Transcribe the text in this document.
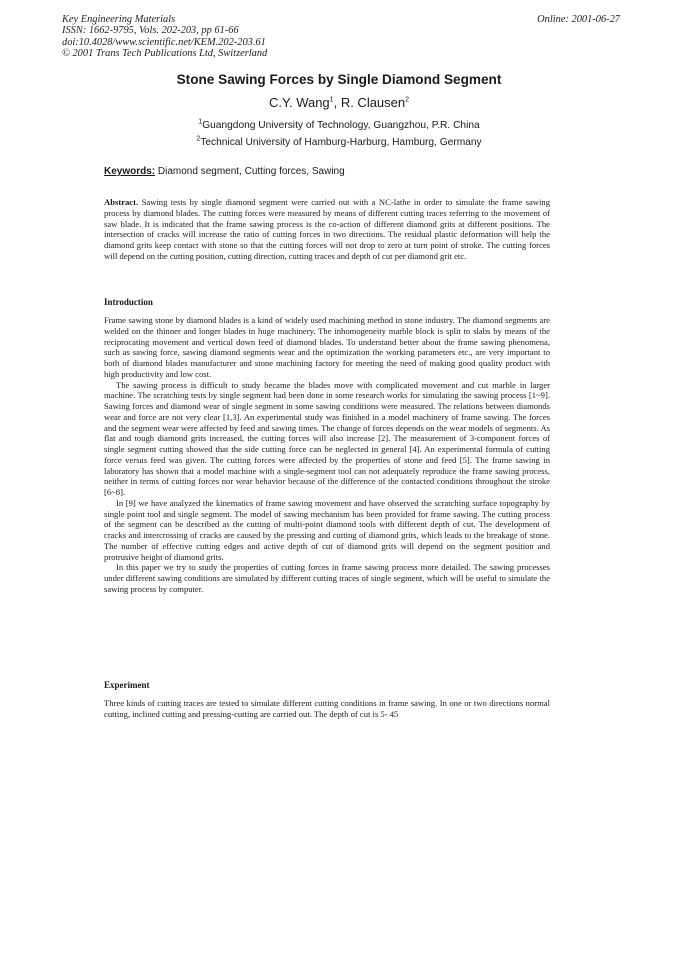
Key Engineering Materials
ISSN: 1662-9795, Vols. 202-203, pp 61-66
doi:10.4028/www.scientific.net/KEM.202-203.61
© 2001 Trans Tech Publications Ltd, Switzerland
Online: 2001-06-27
Stone Sawing Forces by Single Diamond Segment
C.Y. Wang$^1$, R. Clausen$^2$
$^1$Guangdong University of Technology, Guangzhou, P.R. China
$^2$Technical University of Hamburg-Harburg, Hamburg, Germany
Keywords: Diamond segment, Cutting forces, Sawing

Abstract. Sawing tests by single diamond segment were carried out with a NC-lathe in order to simulate the frame sawing process by diamond blades. The cutting forces were measured by means of different cutting traces referring to the movement of saw blade. It is indicated that the frame sawing process is the co-action of different diamond grits at different positions. The intersection of cracks will increase the ratio of cutting forces in two directions. The residual plastic deformation will help the diamond grits keep contact with stone so that the cutting forces will not drop to zero at turn point of stroke. The cutting forces will depend on the cutting position, cutting direction, cutting traces and depth of cut per diamond grit etc.

Introduction

Frame sawing stone by diamond blades is a kind of widely used machining method in stone industry. The diamond segments are welded on the thinner and longer blades in huge machinery. The inhomogeneity marble block is split to slabs by means of the reciprocating movement and vertical down feed of diamond blades. To understand better about the frame sawing phenomena, such as sawing force, sawing diamond segments wear and the optimization the working parameters etc., are very important to both of diamond blades manufacturer and stone machining factory for meeting the need of making good quality product with high productivity and low cost.

The sawing process is difficult to study became the blades move with complicated movement and cut marble in larger machine. The scratching tests by single segment had been done in some research works for simulating the sawing process [1~9]. Sawing forces and diamond wear of single segment in some sawing conditions were measured. The relations between diamonds wear and force are not very clear [1,3]. An experimental study was finished in a model machinery of frame sawing. The forces and the segment wear were affected by feed and sawing times. The change of forces depends on the wear models of segments. As flat and tough diamond grits increased, the cutting forces will also increase [2]. The measurement of 3-component forces of single segment cutting showed that the side cutting force can be neglected in general [4]. An experimental formula of cutting force versus feed was given. The cutting forces were affected by the properties of stone and feed [5]. The frame sawing in laboratory has shown that a model machine with a single-segment tool can not adequately reproduce the frame sawing process, neither in terms of cutting forces nor wear behavior because of the difference of the contacted conditions throughout the stroke [6~8].

In [9] we have analyzed the kinematics of frame sawing movement and have observed the scratching surface topography by single point tool and single segment. The model of sawing mechanism has been provided for frame sawing. The cutting process of the segment can be described as the cutting of multi-point diamond tools with different depth of cut. The development of cracks and intercrossing of cracks are caused by the pressing and cutting of diamond grits, which leads to the breakage of stone. The number of effective cutting edges and active depth of cut of diamond grits will depend on the segment position and protrusive height of diamond grits.

In this paper we try to study the properties of cutting forces in frame sawing process more detailed. The sawing processes under different sawing conditions are simulated by different cutting traces of single segment, which will be useful to simulate the sawing process by computer.

Experiment

Three kinds of cutting traces are tested to simulate different cutting conditions in frame sawing. In one or two directions normal cutting, inclined cutting and pressing-cutting are carried out. The depth of cut is 5- 45
